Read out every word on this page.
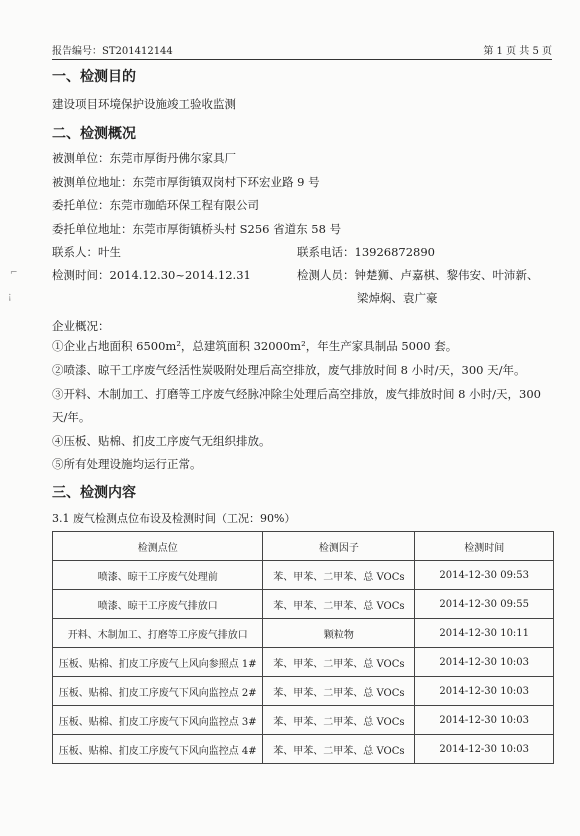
报告编号：ST201412144	第 1 页 共 5 页
一、检测目的
建设项目环境保护设施竣工验收监测
二、检测概况
被测单位：东莞市厚街丹佛尔家具厂
被测单位地址：东莞市厚街镇双岗村下环宏业路 9 号
委托单位：东莞市珈皓环保工程有限公司
委托单位地址：东莞市厚街镇桥头村 S256 省道东 58 号
联系人：叶生	联系电话：13926872890
检测时间：2014.12.30~2014.12.31	检测人员：钟楚狮、卢嘉棋、黎伟安、叶沛新、
梁焯焖、袁广豪
企业概况：
①企业占地面积 6500m²，总建筑面积 32000m²，年生产家具制品 5000 套。
②喷漆、晾干工序废气经活性炭吸附处理后高空排放，废气排放时间 8 小时/天，300 天/年。
③开料、木制加工、打磨等工序废气经脉冲除尘处理后高空排放，废气排放时间 8 小时/天，300
天/年。
④压板、贴棉、扪皮工序废气无组织排放。
⑤所有处理设施均运行正常。
三、检测内容
3.1 废气检测点位布设及检测时间（工况：90%）
检测点位	检测因子	检测时间
喷漆、晾干工序废气处理前	苯、甲苯、二甲苯、总 VOCs	2014-12-30 09:53
喷漆、晾干工序废气排放口	苯、甲苯、二甲苯、总 VOCs	2014-12-30 09:55
开料、木制加工、打磨等工序废气排放口	颗粒物	2014-12-30 10:11
压板、贴棉、扪皮工序废气上风向参照点 1#	苯、甲苯、二甲苯、总 VOCs	2014-12-30 10:03
压板、贴棉、扪皮工序废气下风向监控点 2#	苯、甲苯、二甲苯、总 VOCs	2014-12-30 10:03
压板、贴棉、扪皮工序废气下风向监控点 3#	苯、甲苯、二甲苯、总 VOCs	2014-12-30 10:03
压板、贴棉、扪皮工序废气下风向监控点 4#	苯、甲苯、二甲苯、总 VOCs	2014-12-30 10:03
⌐
¡
